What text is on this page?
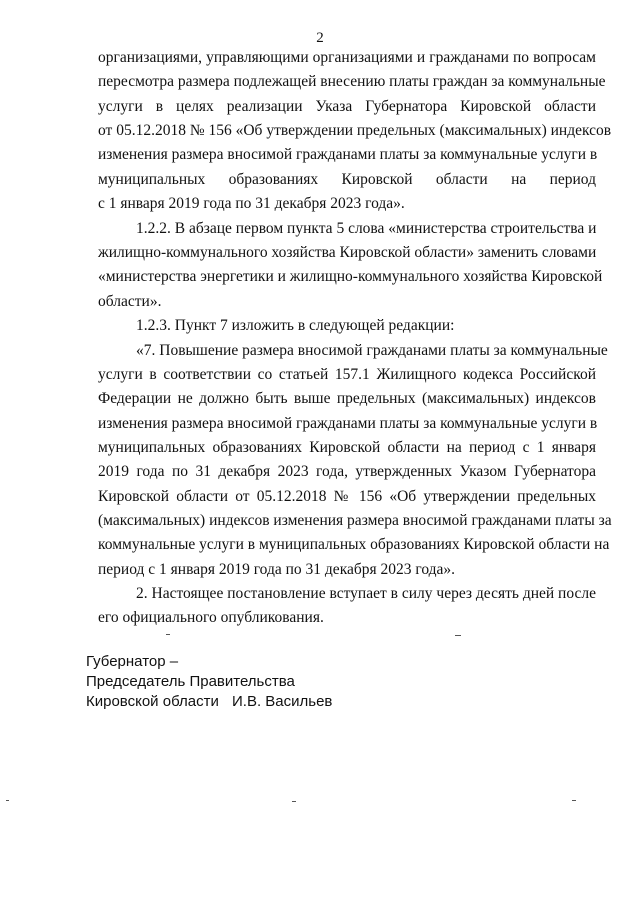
2
организациями, управляющими организациями и гражданами по вопросам
пересмотра размера подлежащей внесению платы граждан за коммунальные
услуги в целях реализации Указа Губернатора Кировской области
от 05.12.2018 № 156 «Об утверждении предельных (максимальных) индексов
изменения размера вносимой гражданами платы за коммунальные услуги в
муниципальных образованиях Кировской области на период
с 1 января 2019 года по 31 декабря 2023 года».
1.2.2. В абзаце первом пункта 5 слова «министерства строительства и
жилищно-коммунального хозяйства Кировской области» заменить словами
«министерства энергетики и жилищно-коммунального хозяйства Кировской
области».
1.2.3. Пункт 7 изложить в следующей редакции:
«7. Повышение размера вносимой гражданами платы за коммунальные
услуги в соответствии со статьей 157.1 Жилищного кодекса Российской
Федерации не должно быть выше предельных (максимальных) индексов
изменения размера вносимой гражданами платы за коммунальные услуги в
муниципальных образованиях Кировской области на период с 1 января
2019 года по 31 декабря 2023 года, утвержденных Указом Губернатора
Кировской области от 05.12.2018 № 156 «Об утверждении предельных
(максимальных) индексов изменения размера вносимой гражданами платы за
коммунальные услуги в муниципальных образованиях Кировской области на
период с 1 января 2019 года по 31 декабря 2023 года».
2. Настоящее постановление вступает в силу через десять дней после
его официального опубликования.
Губернатор –
Председатель Правительства
Кировской области И.В. Васильев
